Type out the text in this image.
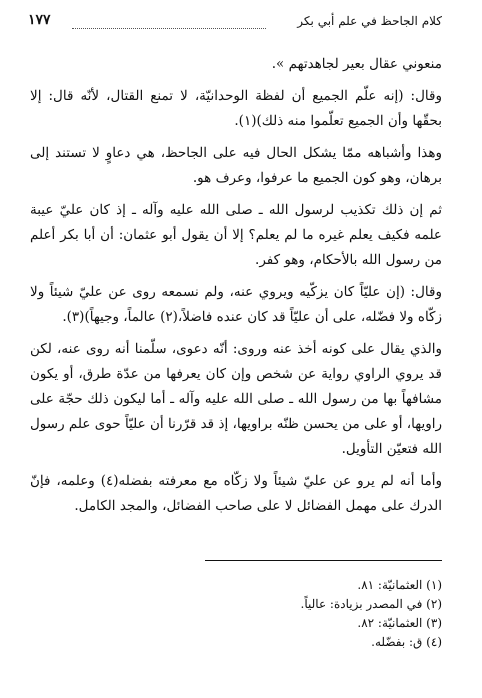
كلام الجاحظ في علم أبي بكر
١٧٧

منعوني عقال بعير لجاهدتهم ».

وقال: (إنه علّم الجميع أن لفظة الوحدانيّة، لا تمنع القتال، لأنّه قال: إلا بحقّها وأن الجميع تعلّموا منه ذلك)(١).

وهذا وأشباهه ممّا يشكل الحال فيه على الجاحظ، هي دعاوٍ لا تستند إلى برهان، وهو كون الجميع ما عرفوا، وعرف هو.

ثم إن ذلك تكذيب لرسول الله ـ صلى الله عليه وآله ـ إذ كان عليّ عيبة علمه فكيف يعلم غيره ما لم يعلم؟ إلا أن يقول أبو عثمان: أن أبا بكر أعلم من رسول الله بالأحكام، وهو كفر.

وقال: (إن عليّاً كان يزكّيه ويروي عنه، ولم نسمعه روى عن عليّ شيئاً ولا زكّاه ولا فضّله، على أن عليّاً قد كان عنده فاضلاً،(٢) عالماً، وجيهاً)(٣).

والذي يقال على كونه أخذ عنه وروى: أنّه دعوى، سلّمنا أنه روى عنه، لكن قد يروي الراوي رواية عن شخص وإن كان يعرفها من عدّة طرق، أو يكون مشافهاً بها من رسول الله ـ صلى الله عليه وآله ـ أما ليكون ذلك حجّة على راويها، أو على من يحسن ظنّه براويها، إذ قد قرّرنا أن عليّاً حوى علم رسول الله فتعيّن التأويل.

وأما أنه لم يرو عن عليّ شيئاً ولا زكّاه مع معرفته بفضله(٤) وعلمه، فإنّ الدرك على مهمل الفضائل لا على صاحب الفضائل، والمجد الكامل.

(١) العثمانيّة: ٨١.
(٢) في المصدر بزيادة: عالياً.
(٣) العثمانيّة: ٨٢.
(٤) ق: بفضّله.
